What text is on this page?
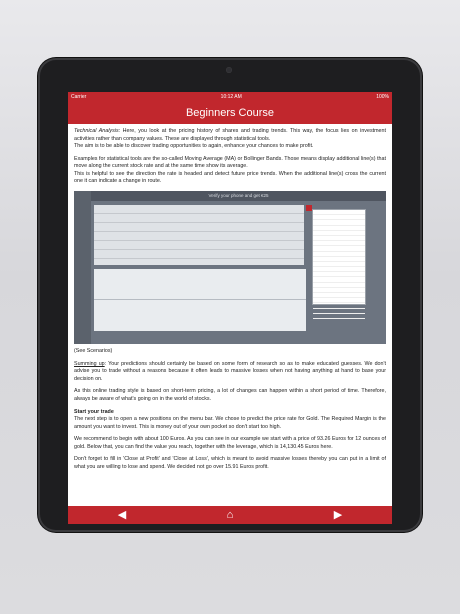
Carrier	10:12 AM	100%
Beginners Course

Technical Analysis: Here, you look at the pricing history of shares and trading trends. This way, the focus lies on investment activities rather than company values. These are displayed through statistical tools.
The aim is to be able to discover trading opportunities to again, enhance your chances to make profit.

Examples for statistical tools are the so-called Moving Average (MA) or Bollinger Bands. Those means display additional line(s) that move along the current stock rate and at the same time show its average.
This is helpful to see the direction the rate is headed and detect future price trends. When the additional line(s) cross the current one it can indicate a change in route.

Verify your phone and get €25

(See Scenarios)

Summing up: Your predictions should certainly be based on some form of research so as to make educated guesses. We don't advise you to trade without a reasons because it often leads to massive losses when not having anything at hand to base your decision on.

As this online trading style is based on short-term pricing, a lot of changes can happen within a short period of time. Therefore, always be aware of what's going on in the world of stocks.

Start your trade
The next step is to open a new positions on the menu bar. We chose to predict the price rate for Gold. The Required Margin is the amount you want to invest. This is money out of your own pocket so don't start too high.

We recommend to begin with about 100 Euros. As you can see in our example we start with a price of 93.26 Euros for 12 ounces of gold. Below that, you can find the value you reach, together with the leverage, which is 14,130.45 Euros here.

Don't forget to fill in 'Close at Profit' and 'Close at Loss', which is meant to avoid massive losses thereby you can put in a limit of what you are willing to lose and spend. We decided not go over 15.91 Euros profit.

◀	⌂	▶
